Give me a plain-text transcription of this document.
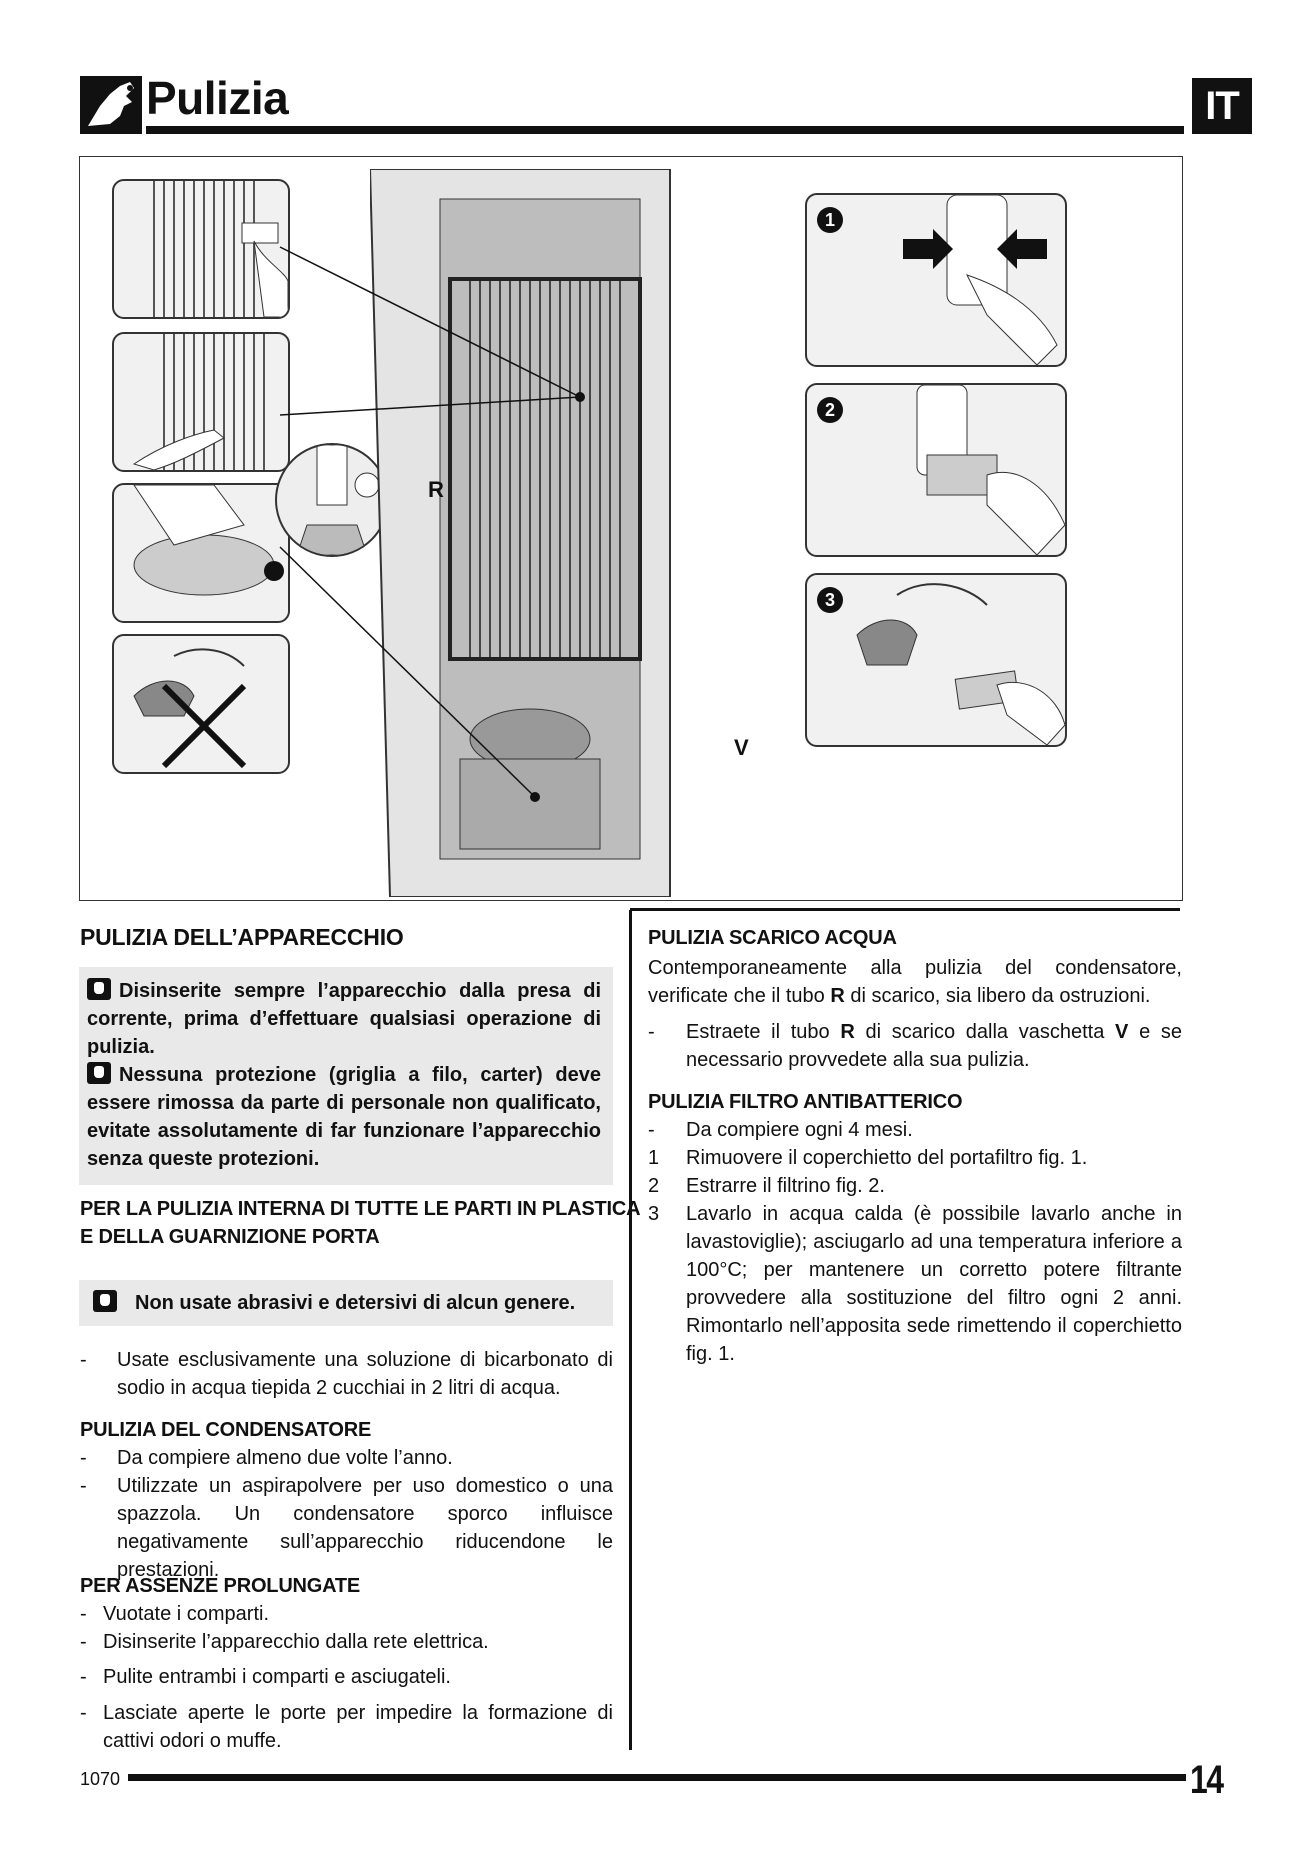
Pulizia	IT
R
V
1
2
3
PULIZIA DELL’APPARECCHIO
Disinserite sempre l’apparecchio dalla presa di corrente, prima d’effettuare qualsiasi operazione di pulizia.
Nessuna protezione (griglia a filo, carter) deve essere rimossa da parte di personale non qualificato, evitate assolutamente di far funzionare l’apparecchio senza queste protezioni.
PER LA PULIZIA INTERNA DI TUTTE LE PARTI IN PLASTICA
E DELLA GUARNIZIONE PORTA
Non usate abrasivi e detersivi di alcun genere.
- Usate esclusivamente una soluzione di bicarbonato di sodio in acqua tiepida 2 cucchiai in 2 litri di acqua.
PULIZIA DEL CONDENSATORE
- Da compiere almeno due volte l’anno.
- Utilizzate un aspirapolvere per uso domestico o una spazzola. Un condensatore sporco influisce negativamente sull’apparecchio riducendone le prestazioni.
PER ASSENZE PROLUNGATE
- Vuotate i comparti.
- Disinserite l’apparecchio dalla rete elettrica.
- Pulite entrambi i comparti e asciugateli.
- Lasciate aperte le porte per impedire la formazione di cattivi odori o muffe.
PULIZIA SCARICO ACQUA
Contemporaneamente alla pulizia del condensatore, verificate che il tubo R di scarico, sia libero da ostruzioni.
- Estraete il tubo R di scarico dalla vaschetta V e se necessario provvedete alla sua pulizia.
PULIZIA FILTRO ANTIBATTERICO
- Da compiere ogni 4 mesi.
1 Rimuovere il coperchietto del portafiltro fig. 1.
2 Estrarre il filtrino fig. 2.
3 Lavarlo in acqua calda (è possibile lavarlo anche in lavastoviglie); asciugarlo ad una temperatura inferiore a 100°C; per mantenere un corretto potere filtrante provvedere alla sostituzione del filtro ogni 2 anni. Rimontarlo nell’apposita sede rimettendo il coperchietto fig. 1.
1070	14
